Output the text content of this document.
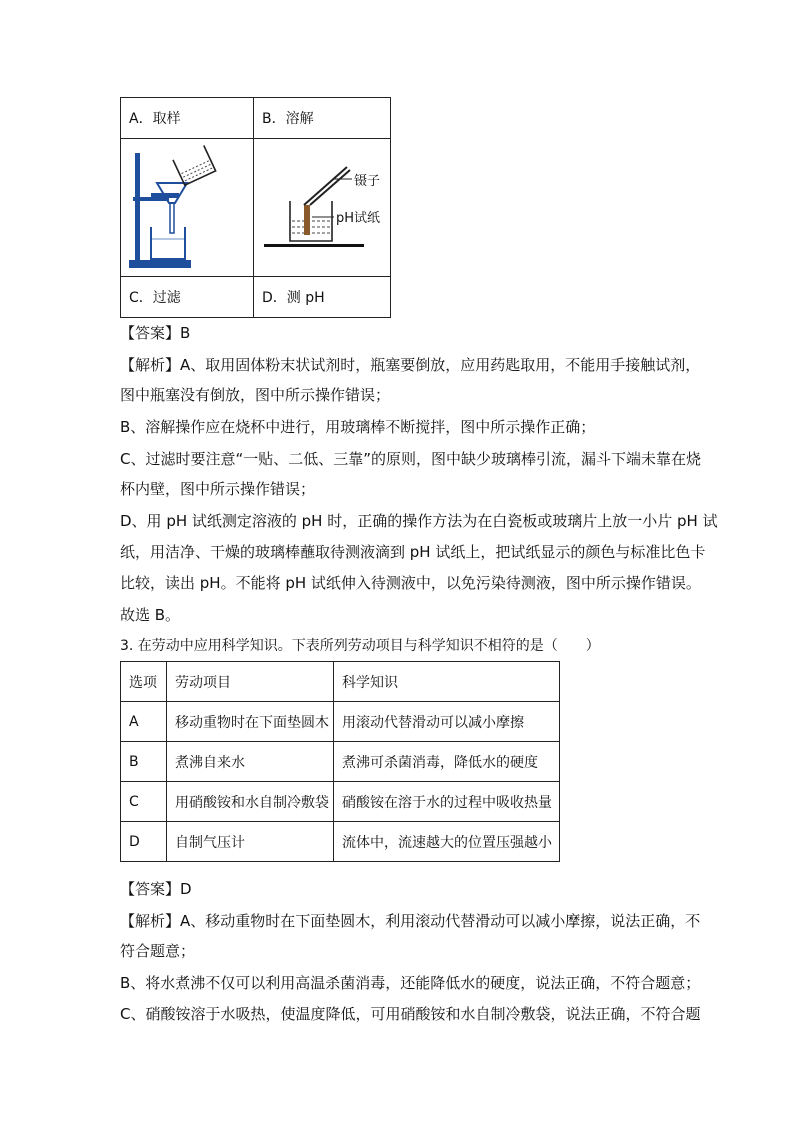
A．取样	B．溶解

镊子
pH试纸

C．过滤	D．测 pH
【答案】B
【解析】A、取用固体粉末状试剂时，瓶塞要倒放，应用药匙取用，不能用手接触试剂，
图中瓶塞没有倒放，图中所示操作错误；
B、溶解操作应在烧杯中进行，用玻璃棒不断搅拌，图中所示操作正确；
C、过滤时要注意“一贴、二低、三靠”的原则，图中缺少玻璃棒引流，漏斗下端未靠在烧
杯内壁，图中所示操作错误；
D、用 pH 试纸测定溶液的 pH 时，正确的操作方法为在白瓷板或玻璃片上放一小片 pH 试
纸，用洁净、干燥的玻璃棒蘸取待测液滴到 pH 试纸上，把试纸显示的颜色与标准比色卡
比较，读出 pH。不能将 pH 试纸伸入待测液中，以免污染待测液，图中所示操作错误。
故选 B。
3. 在劳动中应用科学知识。下表所列劳动项目与科学知识不相符的是（　　）
选项	劳动项目	科学知识
A	移动重物时在下面垫圆木	用滚动代替滑动可以减小摩擦
B	煮沸自来水	煮沸可杀菌消毒，降低水的硬度
C	用硝酸铵和水自制冷敷袋	硝酸铵在溶于水的过程中吸收热量
D	自制气压计	流体中，流速越大的位置压强越小
【答案】D
【解析】A、移动重物时在下面垫圆木，利用滚动代替滑动可以减小摩擦，说法正确，不
符合题意；
B、将水煮沸不仅可以利用高温杀菌消毒，还能降低水的硬度，说法正确，不符合题意；
C、硝酸铵溶于水吸热，使温度降低，可用硝酸铵和水自制冷敷袋，说法正确，不符合题
